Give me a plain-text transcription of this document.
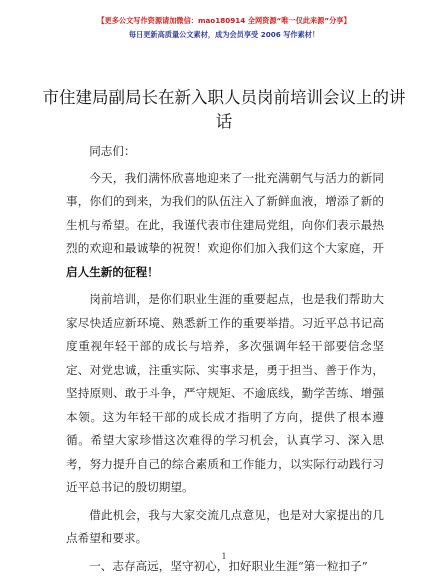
【更多公文写作资源请加微信：mao180914 全网资源“唯一仅此来源”分享】
每日更新高质量公文素材，成为会员享受 2006 写作素材！
市住建局副局长在新入职人员岗前培训会议上的讲话

同志们：

今天，我们满怀欣喜地迎来了一批充满朝气与活力的新同事，你们的到来，为我们的队伍注入了新鲜血液，增添了新的生机与希望。在此，我谨代表市住建局党组，向你们表示最热烈的欢迎和最诚挚的祝贺！欢迎你们加入我们这个大家庭，开启人生新的征程！

岗前培训，是你们职业生涯的重要起点，也是我们帮助大家尽快适应新环境、熟悉新工作的重要举措。习近平总书记高度重视年轻干部的成长与培养，多次强调年轻干部要信念坚定、对党忠诚，注重实际、实事求是，勇于担当、善于作为，坚持原则、敢于斗争，严守规矩、不逾底线，勤学苦练、增强本领。这为年轻干部的成长成才指明了方向，提供了根本遵循。希望大家珍惜这次难得的学习机会，认真学习、深入思考，努力提升自己的综合素质和工作能力，以实际行动践行习近平总书记的殷切期望。

借此机会，我与大家交流几点意见，也是对大家提出的几点希望和要求。

一、志存高远，坚守初心，扣好职业生涯“第一粒扣子”

1
